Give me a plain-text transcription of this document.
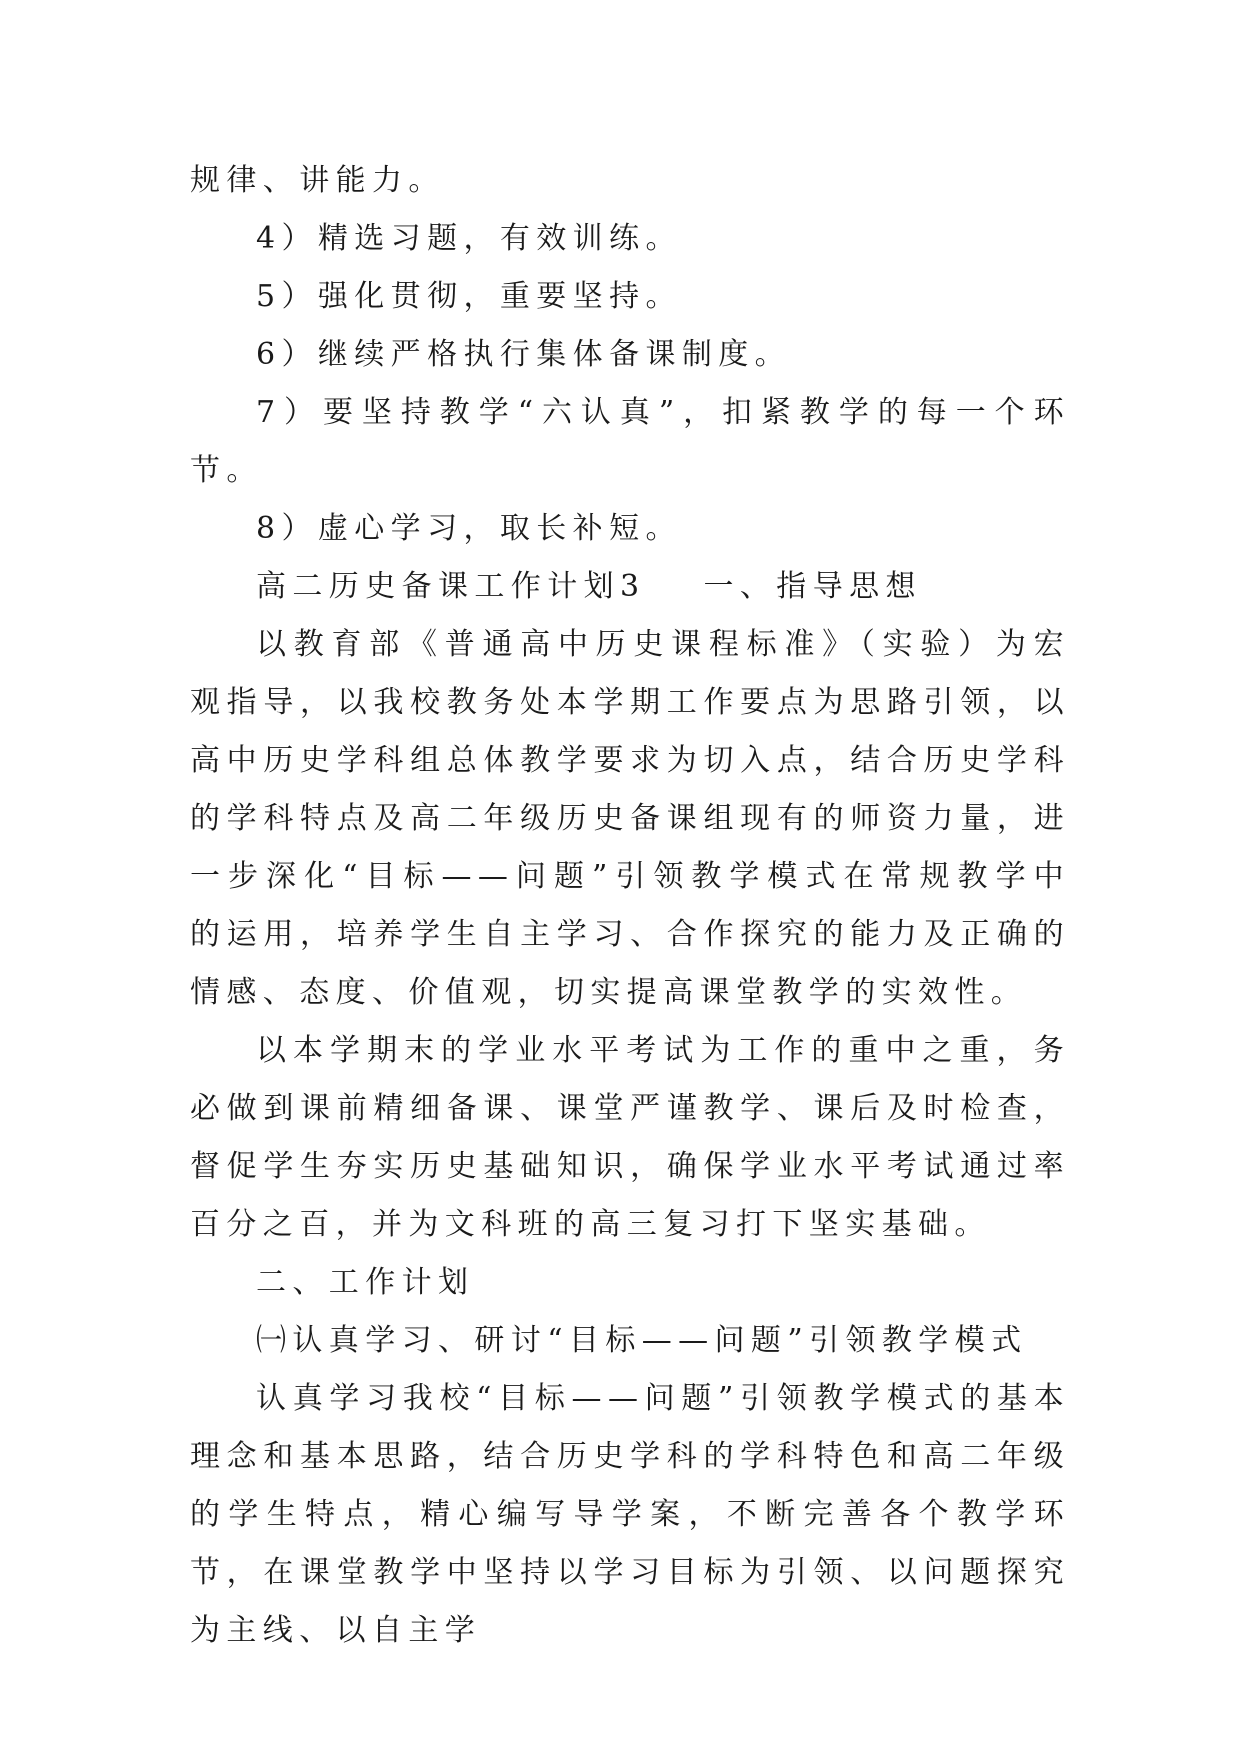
规律、讲能力。

4）精选习题，有效训练。

5）强化贯彻，重要坚持。

6）继续严格执行集体备课制度。

7）要坚持教学“六认真”，扣紧教学的每一个环节。

8）虚心学习，取长补短。

高二历史备课工作计划3 一、指导思想

以教育部《普通高中历史课程标准》（实验）为宏观指导，以我校教务处本学期工作要点为思路引领，以高中历史学科组总体教学要求为切入点，结合历史学科的学科特点及高二年级历史备课组现有的师资力量，进一步深化“目标——问题”引领教学模式在常规教学中的运用，培养学生自主学习、合作探究的能力及正确的情感、态度、价值观，切实提高课堂教学的实效性。

以本学期末的学业水平考试为工作的重中之重，务必做到课前精细备课、课堂严谨教学、课后及时检查，督促学生夯实历史基础知识，确保学业水平考试通过率百分之百，并为文科班的高三复习打下坚实基础。

二、工作计划

㈠认真学习、研讨“目标——问题”引领教学模式

认真学习我校“目标——问题”引领教学模式的基本理念和基本思路，结合历史学科的学科特色和高二年级的学生特点，精心编写导学案，不断完善各个教学环节，在课堂教学中坚持以学习目标为引领、以问题探究为主线、以自主学
